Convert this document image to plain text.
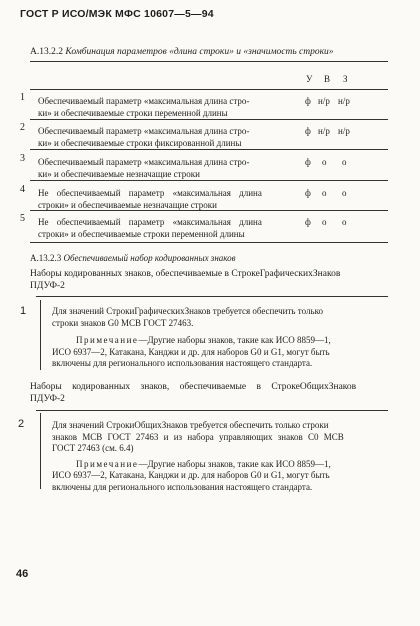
ГОСТ Р ИСО/МЭК МФС 10607—5—94
А.13.2.2 Комбинация параметров «длина строки» и «значимость строки»
У В З
1 Обеспечиваемый параметр «максимальная длина стро-
ки» и обеспечиваемые строки переменной длины
ф н/р н/р
2 Обеспечиваемый параметр «максимальная длина стро-
ки» и обеспечиваемые строки фиксированной длины
ф н/р н/р
3 Обеспечиваемый параметр «максимальная длина стро-
ки» и обеспечиваемые незначащие строки
ф о о
4 Не обеспечиваемый параметр «максимальная длина
строки» и обеспечиваемые незначащие строки
ф о о
5 Не обеспечиваемый параметр «максимальная длина
строки» и обеспечиваемые строки переменной длины
ф о о
А.13.2.3 Обеспечиваемый набор кодированных знаков
Наборы кодированных знаков, обеспечиваемые в СтрокеГрафическихЗнаков
ПДУФ-2
1	Для значений СтрокиГрафическихЗнаков требуется обеспечить только
строки знаков G0 МСВ ГОСТ 27463.
Примечание—Другие наборы знаков, такие как ИСО 8859—1,
ИСО 6937—2, Катакана, Канджи и др. для наборов G0 и G1, могут быть
включены для регионального использования настоящего стандарта.
Наборы кодированных знаков, обеспечиваемые в СтрокеОбщихЗнаков
ПДУФ-2
2	Для значений СтрокиОбщихЗнаков требуется обеспечить только строки
знаков МСВ ГОСТ 27463 и из набора управляющих знаков С0 МСВ
ГОСТ 27463 (см. 6.4)
Примечание—Другие наборы знаков, такие как ИСО 8859—1,
ИСО 6937—2, Катакана, Канджи и др. для наборов G0 и G1, могут быть
включены для регионального использования настоящего стандарта.
46
